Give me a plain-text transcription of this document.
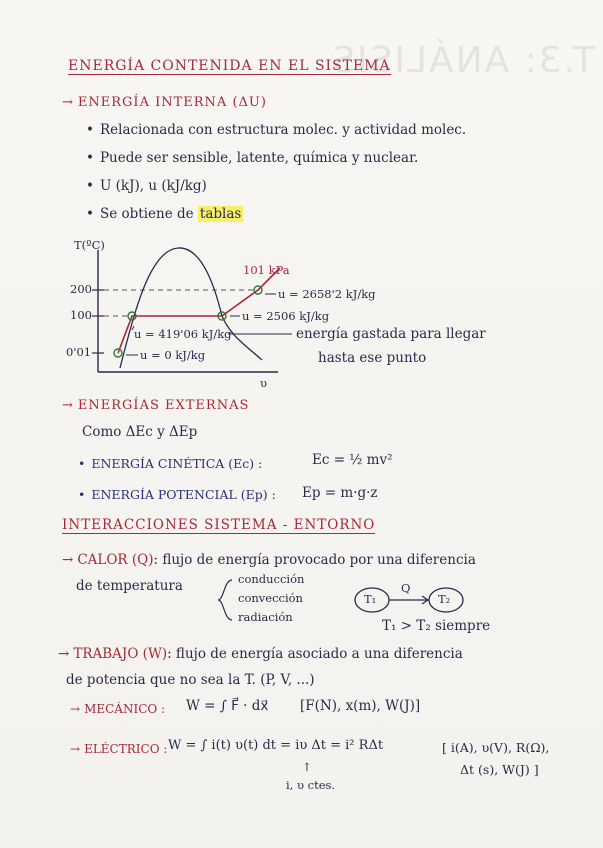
T.3: ANÁLISIS
ENERGÍA CONTENIDA EN EL SISTEMA
→ ENERGÍA INTERNA (ΔU)
• Relacionada con estructura molec. y actividad molec.
• Puede ser sensible, latente, química y nuclear.
• U (kJ), u (kJ/kg)
• Se obtiene de tablas
T(ºC)
υ
200
100
0'01
101 kPa
u = 2658'2 kJ/kg
u = 2506 kJ/kg
u = 419'06 kJ/kg
u = 0 kJ/kg
energía gastada para llegar
hasta ese punto
→ ENERGÍAS EXTERNAS
Como ΔEc y ΔEp
• ENERGÍA CINÉTICA (Ec) :	Ec = ½ mv²
• ENERGÍA POTENCIAL (Ep) : Ep = m·g·z
INTERACCIONES SISTEMA - ENTORNO
→ CALOR (Q): flujo de energía provocado por una diferencia
de temperatura	conducción
convección
radiación
T₁	T₂
Q
T₁ > T₂ siempre
→ TRABAJO (W): flujo de energía asociado a una diferencia
de potencia que no sea la T. (P, V, ...)
→ MECÁNICO : W = ∫ F⃗ · dx⃗ [F(N), x(m), W(J)]
→ ELÉCTRICO : W = ∫ i(t) υ(t) dt = iυ Δt = i² RΔt	[ i(A), υ(V), R(Ω),
Δt (s), W(J) ]
↑
i, υ ctes.
